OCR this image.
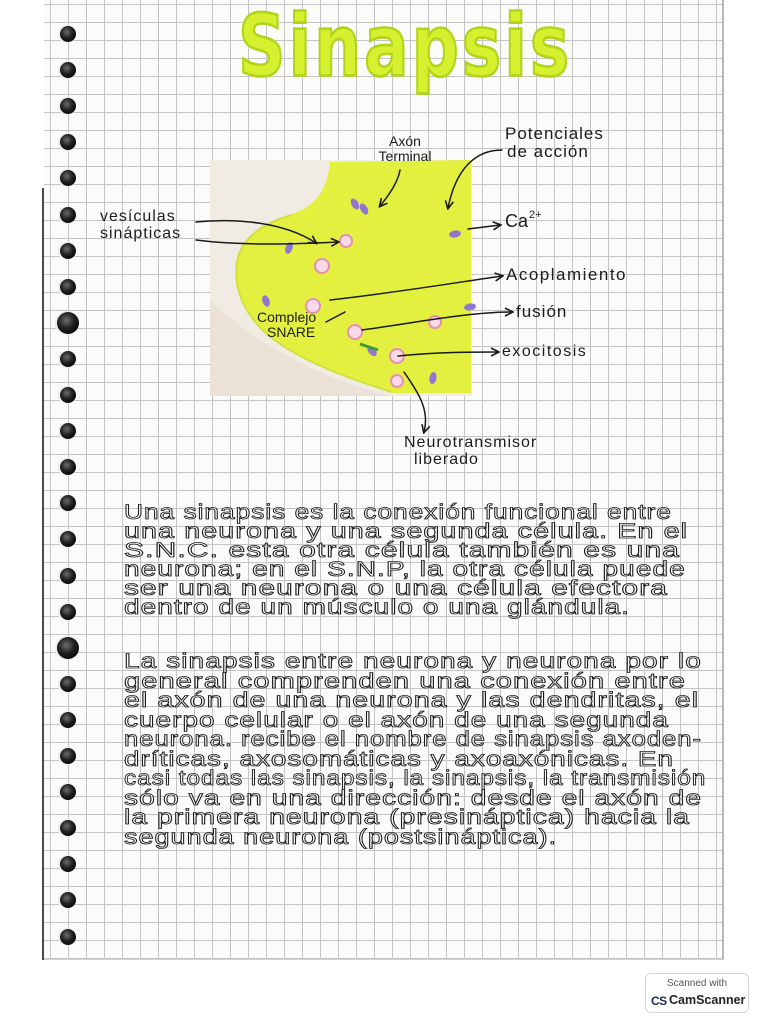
Sinapsis
Axón
Terminal
Potenciales
de acción
vesículas
sinápticas
$Ca^{2+}$
Acoplamiento
Complejo
SNARE
fusión
exocitosis
Neurotransmisor
liberado
Una sinapsis es la conexión funcional entre
una neurona y una segunda célula. En el
S.N.C. esta otra célula también es una
neurona; en el S.N.P, la otra célula puede
ser una neurona o una célula efectora
dentro de un músculo o una glándula.
La sinapsis entre neurona y neurona por lo
general comprenden una conexión entre
el axón de una neurona y las dendritas, el
cuerpo celular o el axón de una segunda
neurona. recibe el nombre de sinapsis axoden-
dríticas, axosomáticas y axoaxónicas. En
casi todas las sinapsis, la sinapsis, la transmisión
sólo va en una dirección: desde el axón de
la primera neurona (presináptica) hacia la
segunda neurona (postsináptica).
Scanned with
CS CamScanner
